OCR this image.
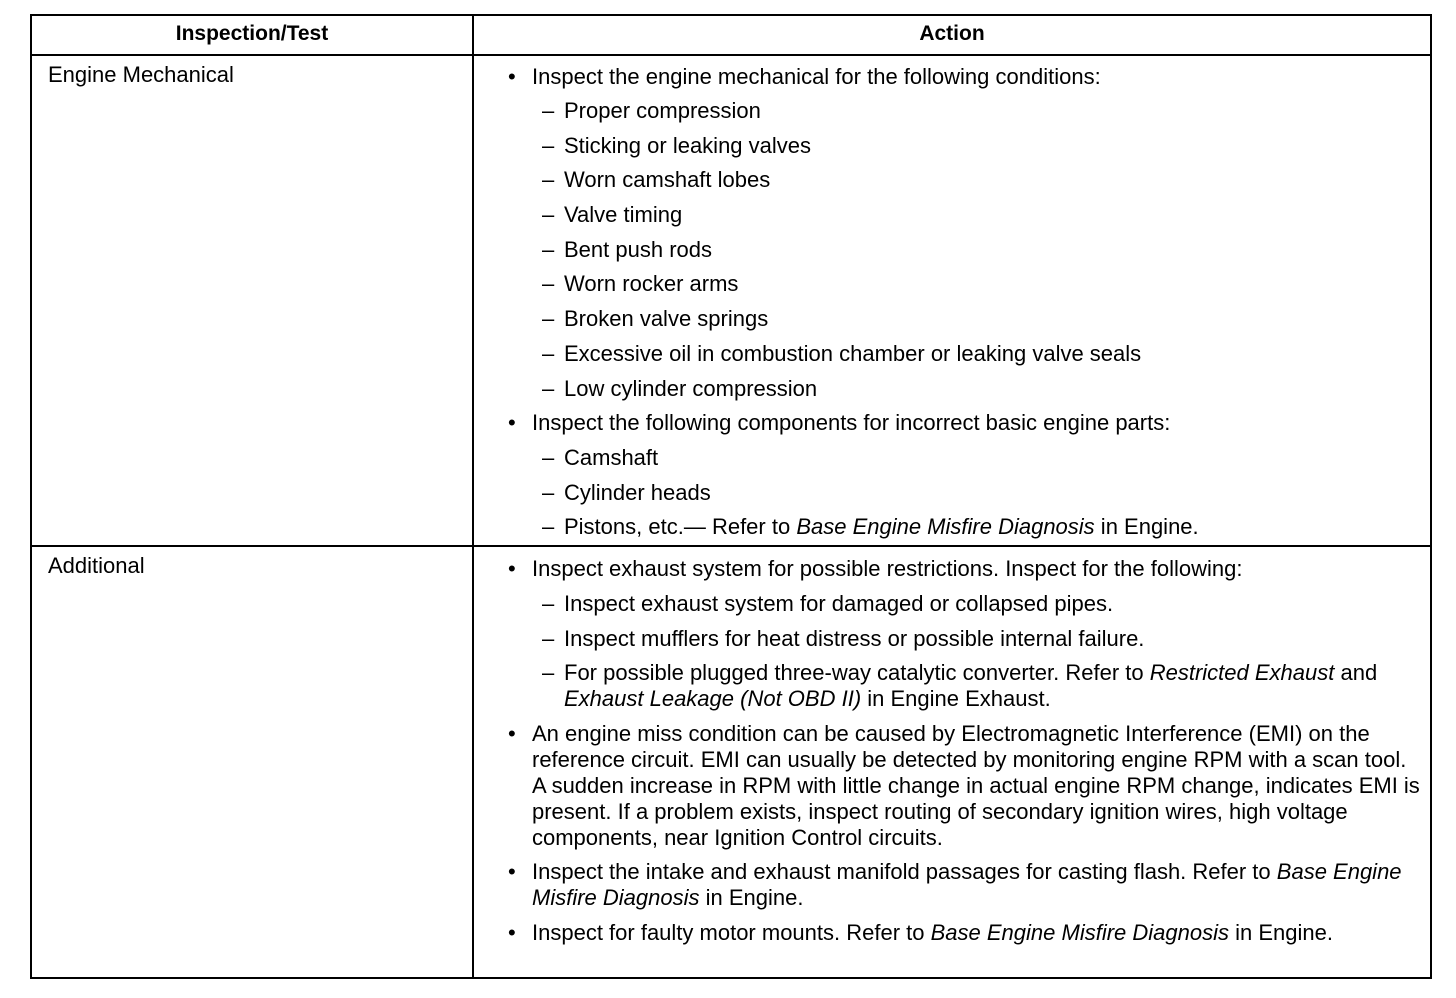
Inspection/Test	Action
Engine Mechanical	• Inspect the engine mechanical for the following conditions:
– Proper compression
– Sticking or leaking valves
– Worn camshaft lobes
– Valve timing
– Bent push rods
– Worn rocker arms
– Broken valve springs
– Excessive oil in combustion chamber or leaking valve seals
– Low cylinder compression
• Inspect the following components for incorrect basic engine parts:
– Camshaft
– Cylinder heads
– Pistons, etc.— Refer to Base Engine Misfire Diagnosis in Engine.
Additional	• Inspect exhaust system for possible restrictions. Inspect for the following:
– Inspect exhaust system for damaged or collapsed pipes.
– Inspect mufflers for heat distress or possible internal failure.
– For possible plugged three-way catalytic converter. Refer to Restricted Exhaust and Exhaust Leakage (Not OBD II) in Engine Exhaust.
• An engine miss condition can be caused by Electromagnetic Interference (EMI) on the reference circuit. EMI can usually be detected by monitoring engine RPM with a scan tool. A sudden increase in RPM with little change in actual engine RPM change, indicates EMI is present. If a problem exists, inspect routing of secondary ignition wires, high voltage components, near Ignition Control circuits.
• Inspect the intake and exhaust manifold passages for casting flash. Refer to Base Engine Misfire Diagnosis in Engine.
• Inspect for faulty motor mounts. Refer to Base Engine Misfire Diagnosis in Engine.
